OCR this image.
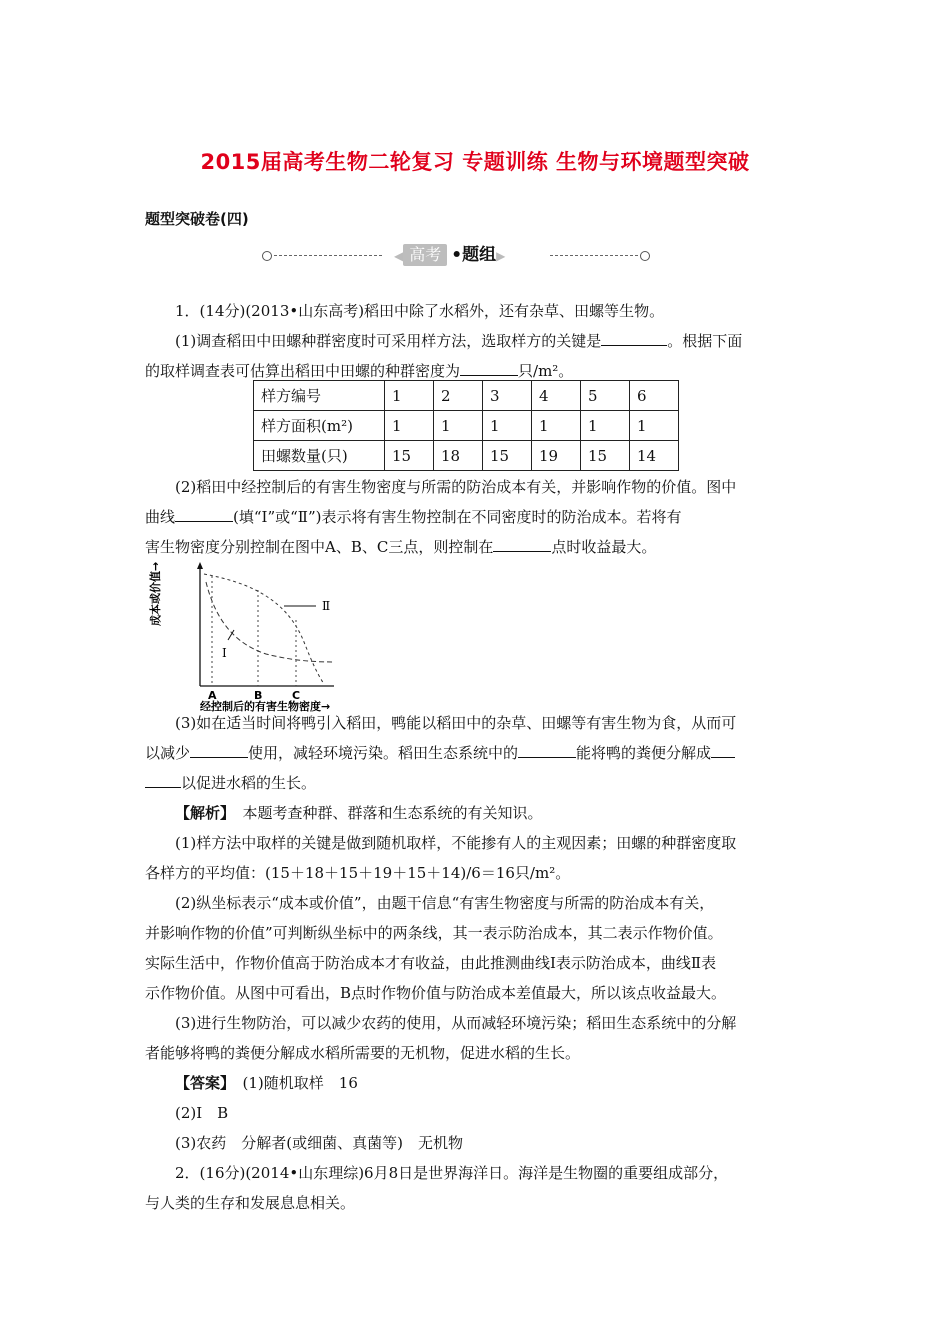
2015届高考生物二轮复习 专题训练 生物与环境题型突破
题型突破卷(四)
◀ 高考 •题组▶
1．(14分)(2013•山东高考)稻田中除了水稻外，还有杂草、田螺等生物。
(1)调查稻田中田螺种群密度时可采用样方法，选取样方的关键是	。根据下面
的取样调查表可估算出稻田中田螺的种群密度为	只/m²。
样方编号	1	2	3	4	5	6
样方面积(m²)	1	1	1	1	1	1
田螺数量(只)	15	18	15	19	15	14
(2)稻田中经控制后的有害生物密度与所需的防治成本有关，并影响作物的价值。图中
曲线	(填“Ⅰ”或“Ⅱ”)表示将有害生物控制在不同密度时的防治成本。若将有
害生物密度分别控制在图中A、B、C三点，则控制在	点时收益最大。
Ⅱ
Ⅰ
A	B	C
经控制后的有害生物密度→
成本或价值→
(3)如在适当时间将鸭引入稻田，鸭能以稻田中的杂草、田螺等有害生物为食，从而可
以减少	使用，减轻环境污染。稻田生态系统中的	能将鸭的粪便分解成
以促进水稻的生长。
【解析】　 本题考查种群、群落和生态系统的有关知识。
(1)样方法中取样的关键是做到随机取样，不能掺有人的主观因素；田螺的种群密度取
各样方的平均值：(15＋18＋15＋19＋15＋14)/6＝16只/m²。
(2)纵坐标表示“成本或价值”，由题干信息“有害生物密度与所需的防治成本有关，
并影响作物的价值”可判断纵坐标中的两条线，其一表示防治成本，其二表示作物价值。
实际生活中，作物价值高于防治成本才有收益，由此推测曲线Ⅰ表示防治成本，曲线Ⅱ表
示作物价值。从图中可看出，B点时作物价值与防治成本差值最大，所以该点收益最大。
(3)进行生物防治，可以减少农药的使用，从而减轻环境污染；稻田生态系统中的分解
者能够将鸭的粪便分解成水稻所需要的无机物，促进水稻的生长。
【答案】　 (1)随机取样　16
(2)Ⅰ　B
(3)农药　分解者(或细菌、真菌等)　无机物
2．(16分)(2014•山东理综)6月8日是世界海洋日。海洋是生物圈的重要组成部分，
与人类的生存和发展息息相关。
